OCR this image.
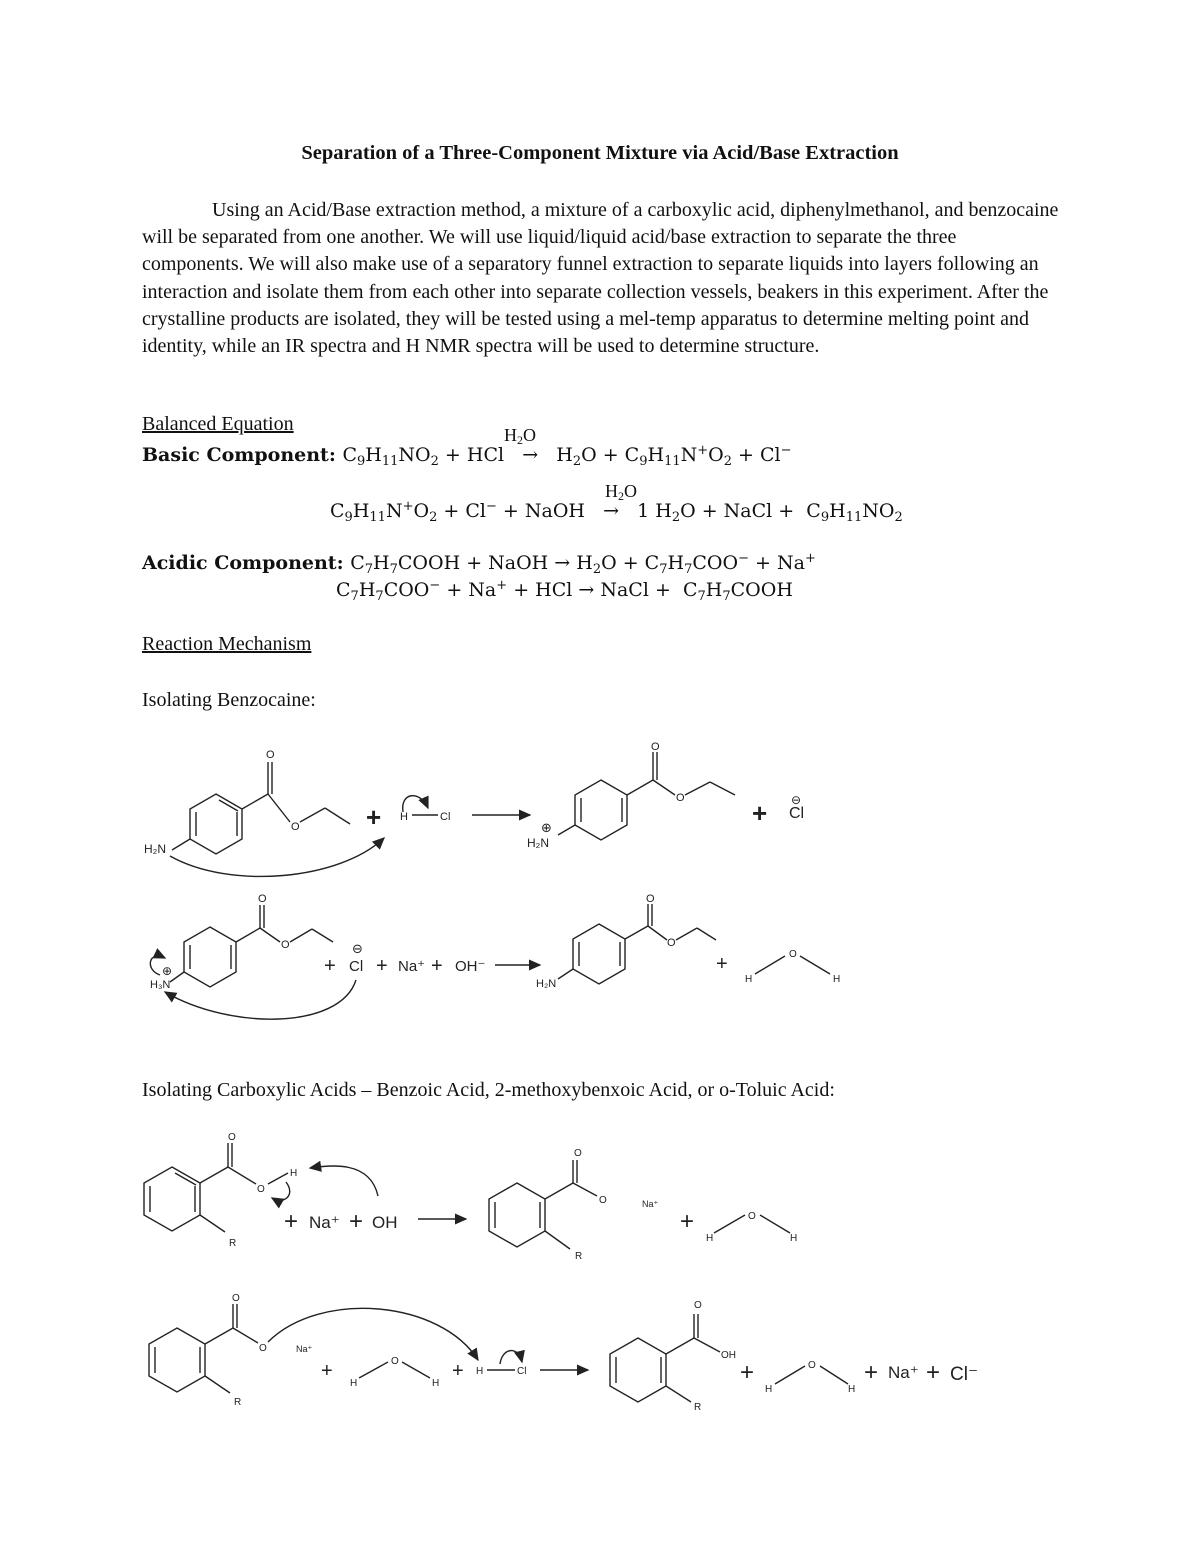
Separation of a Three-Component Mixture via Acid/Base Extraction

Using an Acid/Base extraction method, a mixture of a carboxylic acid, diphenylmethanol, and benzocaine will be separated from one another. We will use liquid/liquid acid/base extraction to separate the three components. We will also make use of a separatory funnel extraction to separate liquids into layers following an interaction and isolate them from each other into separate collection vessels, beakers in this experiment. After the crystalline products are isolated, they will be tested using a mel-temp apparatus to determine melting point and identity, while an IR spectra and H NMR spectra will be used to determine structure.

Balanced Equation	$H_2O$
Basic Component: $C_9H_{11}NO_2$ + HCl   →   $H_2O + C_9H_{11}N^+O_2 + Cl^-$
$H_2O$
$C_9H_{11}N^+O_2 + Cl^-$ + NaOH   →   1 $H_2O$ + NaCl +  $C_9H_{11}NO_2$
Acidic Component: $C_7H_7COOH$ + NaOH → $H_2O + C_7H_7COO^- + Na^+$
$C_7H_7COO^- + Na^+$ + HCl → NaCl +  $C_7H_7COOH$
Reaction Mechanism
Isolating Benzocaine:
O
O
H₂N
H	Cl
+
O
O
H₂N
⊕	+ Cl
⊖
O
O
H₃N
⊕	+ Cl
⊖
+ Na⁺ + OH⁻
O
O
H₂N
+
H
O
H
O
O
H
R
+ Na⁺ + OH
O
O	Na⁺
R
+
H
O
H
O
O	Na⁺
R
+
H
O
H
+ H	Cl
O
OH
R
+
H
O
H
+ Na⁺ + Cl⁻
Isolating Carboxylic Acids – Benzoic Acid, 2-methoxybenxoic Acid, or o-Toluic Acid:
